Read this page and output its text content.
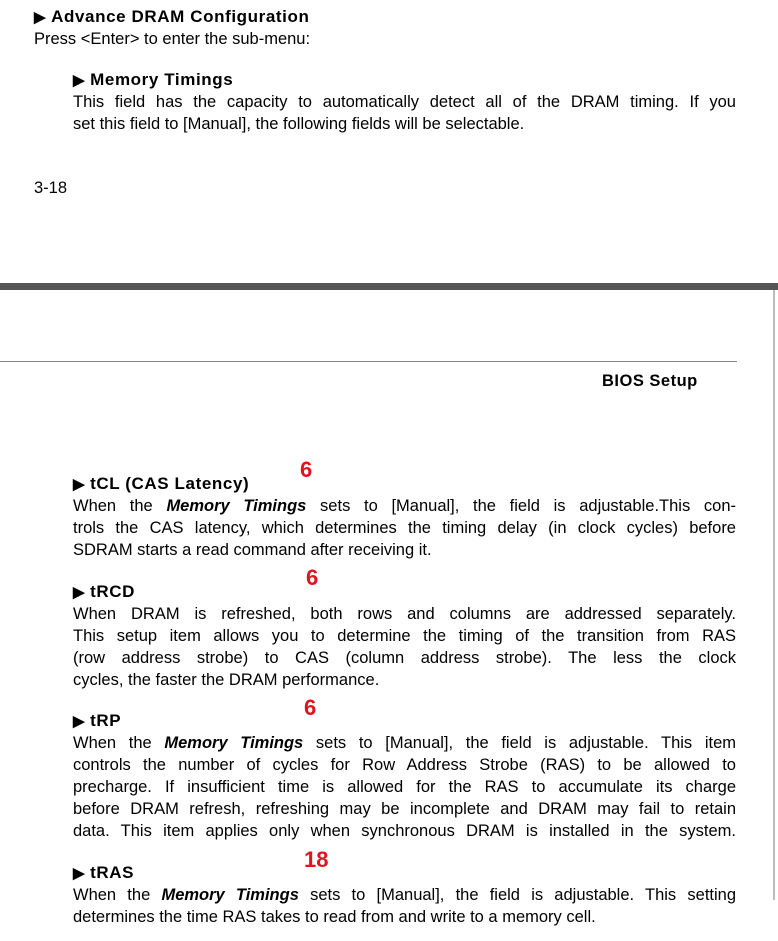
▶ Advance DRAM Configuration
Press <Enter> to enter the sub-menu:
▶ Memory Timings
This field has the capacity to automatically detect all of the DRAM timing. If you
set this field to [Manual], the following fields will be selectable.
3-18
BIOS Setup
▶ tCL (CAS Latency)
6
When the Memory Timings sets to [Manual], the field is adjustable.This con-
trols the CAS latency, which determines the timing delay (in clock cycles) before
SDRAM starts a read command after receiving it.
▶ tRCD
6
When DRAM is refreshed, both rows and columns are addressed separately.
This setup item allows you to determine the timing of the transition from RAS
(row address strobe) to CAS (column address strobe). The less the clock
cycles, the faster the DRAM performance.
▶ tRP
6
When the Memory Timings sets to [Manual], the field is adjustable. This item
controls the number of cycles for Row Address Strobe (RAS) to be allowed to
precharge. If insufficient time is allowed for the RAS to accumulate its charge
before DRAM refresh, refreshing may be incomplete and DRAM may fail to retain
data. This item applies only when synchronous DRAM is installed in the system.
▶ tRAS
18
When the Memory Timings sets to [Manual], the field is adjustable. This setting
determines the time RAS takes to read from and write to a memory cell.
